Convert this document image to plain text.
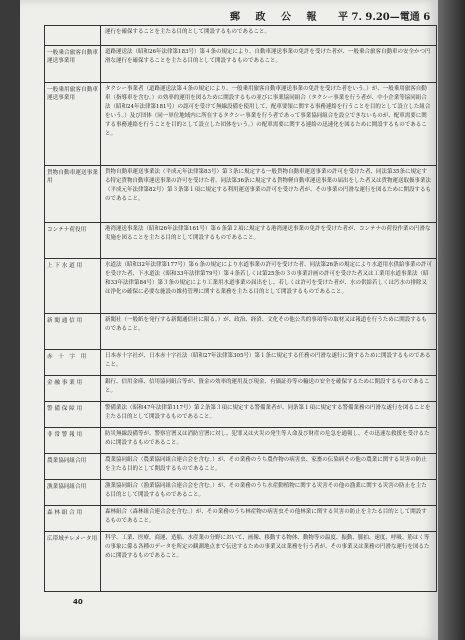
郵 政 公 報 平 7. 9.20—電通 6
	運行を確保することを主たる目的として開設するものであること。
一般乗合旅客自動車運送事業用	道路運送法（昭和26年法律第183号）第４条の規定により、自動車運送事業の免許を受けた者が、一般乗合旅客自動車の安全かつ円滑な運行を確保することを主たる目的として開設するものであること。
一般乗用旅客自動車運送事業用	タクシー事業者（道路運送法第４条の規定により、一般乗用旅客自動車運送事業の免許を受けた者をいう。）が、一般乗用旅客自動車（指導車を含む。）の効率的運用を図るために開設するもの並びに事業協同組合（タクシー事業を行う者が、中小企業等協同組合法（昭和24年法律第181号）の認可を受けて無線設備を使用して、配車要領に関する事務連絡を行うことを目的として設立した組合をいう。）及び団体（同一単位地域内に所在するタクシー事業を行う者であって事業協同組合を設立できないものが、配車需要に関する事務連絡を行うことを目的として設立した団体をいう。）の配車需要に関する連絡の迅速化を図るために開設するものであること。
貨物自動車運送事業用	貨物自動車運送事業法（平成元年法律第83号）第３条に規定する一般貨物自動車運送事業の許可を受けた者、同法第35条に規定する特定貨物自動車運送事業の許可を受けた者、同法第36条に規定する貨物軽自動車運送事業の届出をした者又は貨物運送取扱事業法（平成元年法律第82号）第３条第１項に規定する利用運送事業の許可を受けた者が、その事業の円滑な運行を図るために開設するものであること。
コンテナ荷役用	港湾運送事業法（昭和26年法律第161号）第６条第２項に規定する港湾運送事業の免許を受けた者が、コンテナの荷役作業の円滑な実施を図ることを主たる目的として開設するものであること。
上 下 水 道 用	水道法（昭和32年法律第177号）第６条の規定により水道事業の許可を受けた者、同法第26条の規定により水道用水供給事業の許可を受けた者、下水道法（昭和33年法律第79号）第４条若しくは第25条の３の事業計画の許可を受けた者又は工業用水道事業法（昭和33年法律第84号）第３条の規定により工業用水道事業の届出をし、若しくは許可を受けた者が、水の供給若しくは汚水の排除又は浄化の確保に必要な施設の維持管理に関する業務を主たる目的として開設するものであること。
新 聞 通 信 用	新聞社（一般紙を発行する新聞通信社に限る。）が、政治、経済、文化その他公共的事項等の取材又は報道を行うために開設するものであること。
赤　十　字　用	日本赤十字社が、日本赤十字社法（昭和27年法律第305号）第１条に規定する任務の円滑な遂行に資するために開設するものであること。
金 融 事 業 用	銀行、信用金庫、信用協同組合等が、資金の効率的運用及び現金、有価証券等の輸送の安全を確保するために開設するものであること。
警 備 保 障 用	警備業法（昭和47年法律第117号）第２条第３項に規定する警備業者が、同条第１項に規定する警備業務の円滑な遂行を図ることを主たる目的として開設するものであること。
非 常 警 報 用	防災無線設備等が、警察官署又は消防官署に対し、犯罪又は火災の発生等人命及び財産の危急を通報し、その迅速な救援を受けるために開設するものであること。
農業協同組合用	農業協同組合（農業協同組合連合会を含む。）が、その業務のうち農作物の病害虫、家畜の伝染病その他の農業に関する災害の防止を主たる目的として開設するものであること。
漁業協同組合用	漁業協同組合（漁業協同組合連合会を含む。）が、その業務のうち水産動植物に関する災害その他の漁業に関する災害の防止を主たる目的として開設するものであること。
森 林 組 合 用	森林組合（森林組合連合会を含む。）が、その業務のうち林産物の病害虫その他林業に関する災害の防止を主たる目的として開設するものであること。
広帯域テレメータ用	科学、工業、医療、商運、造船、水産業の分野において、画像、移動する物体、動物等の温度、振動、脈拍、速度、呼吸、筋はく等の事象に係る各種のデータを所定の観測地点まで伝送するための事業又は業務を行う者が、その事業又は業務の円滑な運行を図るために開設するものであること。
40
